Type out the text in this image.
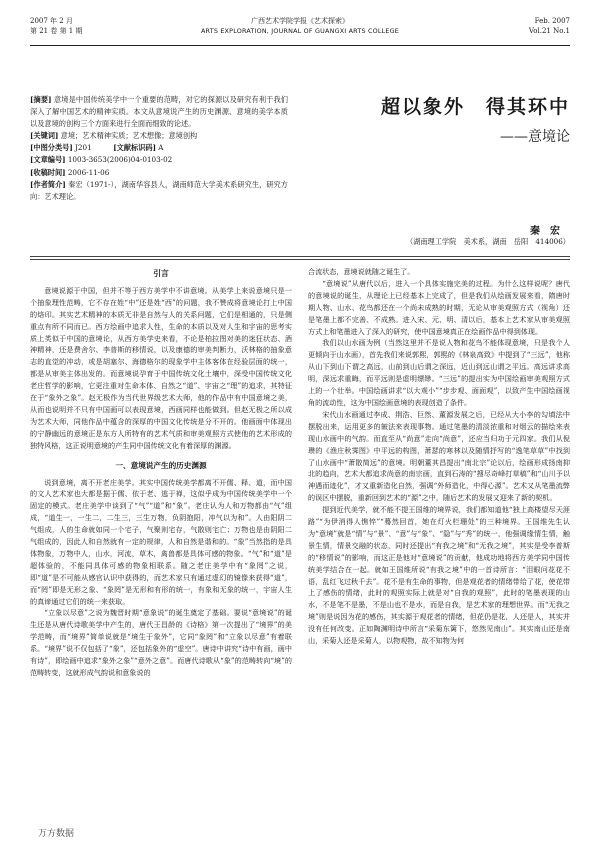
2007 年 2 月
第 21 卷 第 1 期
广西艺术学院学报《艺术探索》
ARTS EXPLORATION, JOURNAL OF GUANGXI ARTS COLLEGE
Feb. 2007
Vol.21 No.1

[摘要] 意境是中国传统美学中一个重要的范畴，对它的探源以及研究有利于我们深入了解中国艺术的精神实质。本文从意境说产生的历史渊源、意境的美学本质以及意境的创构三个方面来进行全面而细致的论述。

[关键词] 意境；艺术精神实质；艺术想像；意境创构

[中图分类号] J201　　　	[文献标识码] A

[文章编号] 1003-3653(2006)04-0103-02

[收稿时间] 2006-11-06

[作者简介] 秦宏（1971-），湖南华容县人，湖南师范大学美术系研究生，研究方向：艺术理论。

超以象外　得其环中
——意境论
秦　宏
（湖南理工学院　美术系，湖南　岳阳　414006）

引言

意境说源于中国，但并不等于西方美学中不讲意境。从美学上来说意境只是一个抽象理性范畴，它不存在姓“中”还是姓“西”的问题，我不赞成将意境论打上中国的烙印。其实艺术精神的本质无非是自然与人的关系问题，它们是相通的，只是侧重点有所不同而已。西方绘画中追求人性，生命的本质以及对人生和宇宙的思考实质上类似于中国的意境论，从西方美学史来看，不论是柏拉图对美的迷狂状态、酒神精神，还是费舍尔、李普斯的移情说，以及康德的审美判断力，沃林格的抽象意志的直觉的冲动，或是胡塞尔、海德格尔的现象学中主体客体在经验层面的统一，都是从审美主体出发的。而意境说孕育于中国传统文化土壤中，深受中国传统文化老庄哲学的影响，它更注重对生命本体、自然之“道”、宇宙之“理”的追求，其特征在于“象外之象”。赵无极作为当代世界级艺术大师，他的作品中有中国意境之美，从而也说明并不只有中国画可以表现意境，西画同样也能做到。但赵无极之所以成为艺术大师，同他作品中蕴含的深厚的中国文化传统是分不开的。他画面中体现出的宁静幽远的意境正是东方人所特有的艺术气质和审美观照方式使他的艺术形成的独特风格，这正说明意境的产生同中国传统文化有着深厚的渊源。

一、意境说产生的历史渊源

说到意境，离不开老庄美学。其实中国传统美学都离不开儒、释、道，而中国的文人艺术家也大都是据于儒、依于老、逃于禅，这似乎成为中国传统美学中一个固定的模式。老庄美学中谈到了“气”“道”和“象”。老庄认为人和万物都由“气”组成，“道生一，一生二，二生三，三生万物，负阴抱阳，冲气以为和”。人由阳阴二气组成，人的生命就如同一个宅子，气聚则宅存，气散则宅亡；万物也是由阴阳二气组成的，因此人和自然就有一定的规律，人和自然是谐和的。“象”当然指的是具体物象，万物中人，山水，河流，草木，禽兽都是具体可感的物象。“气”和“道”是超体验的，不能同具体可感的物象相联系。随之老庄美学中有“象罔”之说，即“道”是不可能从感官认识中获得的，而艺术家只有通过虚幻的镜像来获得“道”，而“罔”即是无形之象、“象罔”是无形和有形的统一，有象和无象的统一，宇宙人生的真谛通过它们的统一来获取。

“立象以尽意”之说为魏晋时期“意象说”的诞生奠定了基础。要说“意境说”的诞生还是从唐代诗歌美学中产生的，唐代王昌龄的《诗格》第一次提出了“境界”的美学范畴，而“境界”简单说就是“境生于象外”，它同“象罔”和“立象以尽意”有着联系。“境界”说不仅包括了“象”，还包括象外的“虚空”。唐诗中讲究“诗中有画，画中有诗”，即绘画中追求“象外之象”“意外之意”。而唐代诗歌从“象”的范畴转向“境”的范畴转变，这就形成气韵说和意象说的

合流状态，意境说就随之诞生了。

“意境说”从唐代以后，进入一个具体实施完美的过程。为什么这样说呢？唐代的意境说的诞生，从理论上已经基本上完成了，但是我们从绘画发展来看，隋唐时期人物、山水、花鸟都还在一个尚未成熟的时期，无论从审美观照方式（视角）还是笔墨上都不完善、不成熟。进入宋、元、明、清以后，基本上艺术家从审美观照方式上和笔墨进入了深入的研究，使中国意境真正在绘画作品中得到体现。

我们以山水画为例（当然这里并不是说人物和花鸟不能体现意境，只是我个人更倾向于山水画），首先我们来说郭熙，郭熙的《林泉高致》中提到了“三远”，他称从山下到山下谓之高远，山前到山后谓之深远，近山到远山谓之平远。高远讲求高明，深远求重晦，而平远则是虚明缥缈。“三远”的提出实为中国绘画审美观照方式上的一个壮举。中国绘画讲求“以大观小”“步步观、面面观”，以致产生中国绘画视角的流动性，这为中国绘画意境的表现创造了条件。

宋代山水画通过李成、荆浩、巨然、董源发展之后，已经从大小李的勾填法中摆脱出来，运用更多的皴法来表现事物。通过笔墨的清淡浓重和对烟云的描绘来表现山水画中的气韵。而直至从“尚意”走向“尚意”，还应当归功于元四家。我们从倪瓒的《渔庄秋霁图》中平远的构图，萧瑟的寒林以及随情抒写的“逸笔草草”中找到了山水画中“萧散简远”的意境。明朝董其昌提出“南北宗”论以后，绘画形成扬南抑北的趋向，艺术大都追求尚意的南宗画，直到石涛的“搜尽奇峰打草稿”和“山川予以神遇而迹化”，才又重新造化自然，强调“外师造化，中得心源”。艺术又从笔墨流弊的误区中摆脱，重新回到艺术的“源”之中，随后艺术的发展又迎来了新的契机。

提到近代美学，就不能不提王国维的境界说，我们都知道他“独上高楼望尽天涯路”“为伊消得人憔悴”“蓦然回首，她在灯火栏珊处”的三种境界。王国维先生认为“意境”就是“情”与“景”、“意”与“象”、“隐”与“秀”的统一，他强调缘情生情，触景生情，情景交融的状态，同时还提出“有我之境”和“无我之境”，其实是受李普斯的“移情说”的影响，而这正是他对“意境说”的贡献，他成功地将西方美学同中国传统美学结合在一起。就如王国维所说“有我之境”中的一首诗所言：“泪眼问花花不语，乱红飞过秋千去”。花不是有生命的事物，但是观花者的情绪带给了花，使花带上了感伤的情绪，此时的观照实际上就是对“自我的观照”，此时的笔墨表现的山水，不是笔不是墨，不是山也不是水，而是自我，是艺术家的理想世界。而“无我之境”则是说因为花的感伤，其实源于观花者的情绪，但花仍是花，人还是人，其实并没有任何改变。正如陶渊明诗中所言“采菊东篱下，悠然见南山”。其实南山还是南山，采菊人还是采菊人，以物观物，故不知物为何

万方数据
